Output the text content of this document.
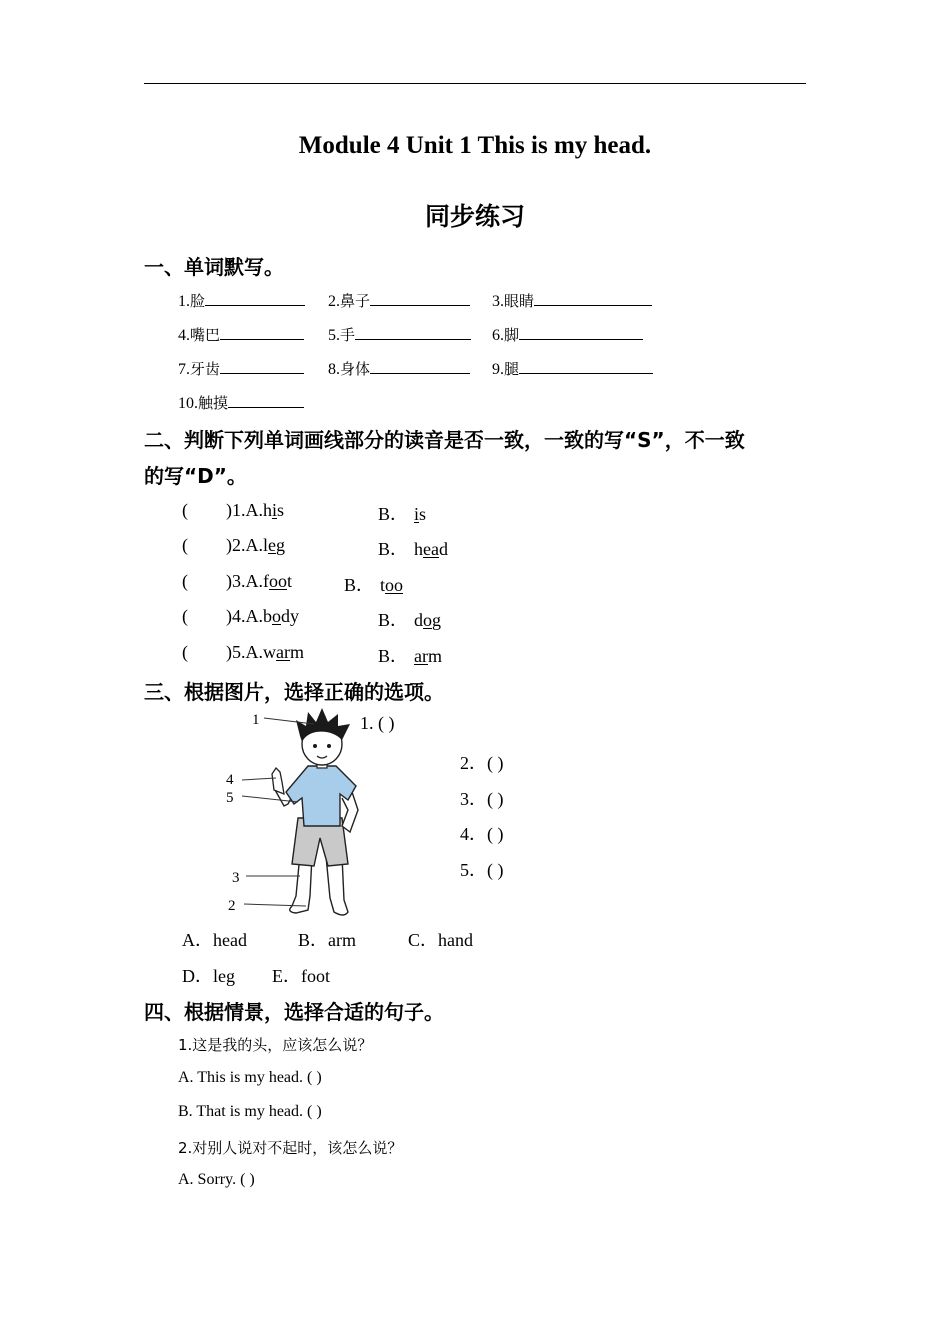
Module 4 Unit 1 This is my head.
同步练习
一、单词默写。
1.脸	2.鼻子	3.眼睛
4.嘴巴	5.手	6.脚
7.牙齿	8.身体	9.腿
10.触摸
二、判断下列单词画线部分的读音是否一致，一致的写“S”，不一致
的写“D”。
( )1.A.his	B． is
( )2.A.leg	B． head
( )3.A.foot	B． too
( )4.A.body	B． dog
( )5.A.warm	B． arm
三、根据图片，选择正确的选项。
1
4
5
3
2
1. ( )
2．( )
3．( )
4．( )
5．( )
A．head	B．arm	C．hand
D．leg E．foot
四、根据情景，选择合适的句子。
1.这是我的头，应该怎么说？
A. This is my head. ( )
B. That is my head. ( )
2.对别人说对不起时，该怎么说？
A. Sorry. ( )
